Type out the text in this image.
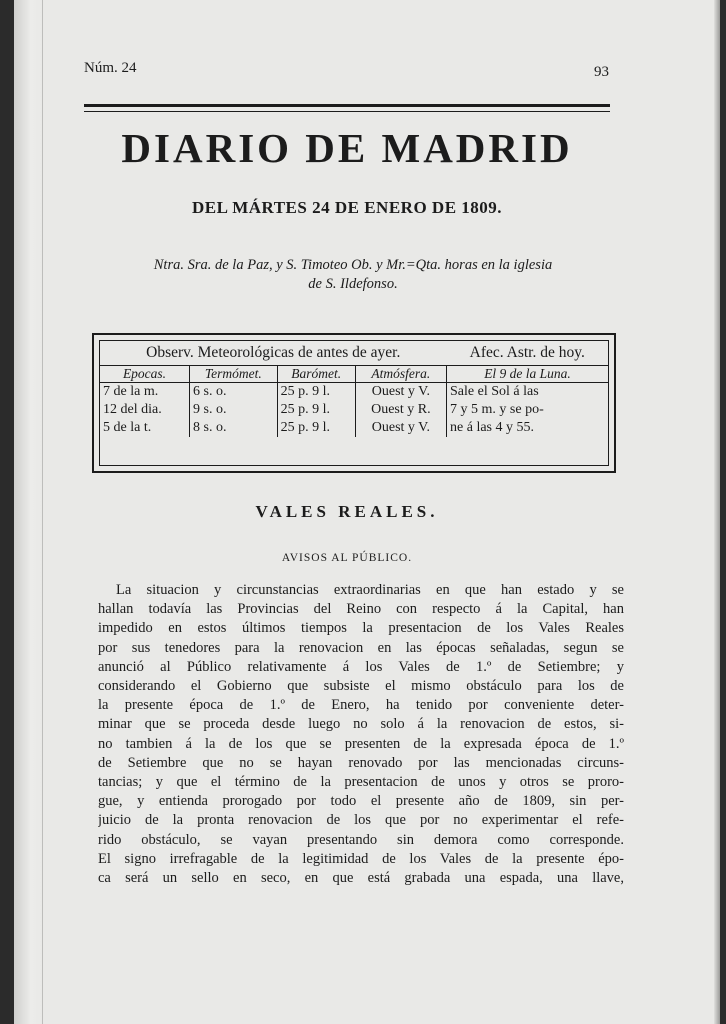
Núm. 24	93
DIARIO DE MADRID
DEL MÁRTES 24 DE ENERO DE 1809.
Ntra. Sra. de la Paz, y S. Timoteo Ob. y Mr.=Qta. horas en la iglesia
de S. Ildefonso.
Observ. Meteorológicas de antes de ayer.				Afec. Astr. de hoy.
Epocas.	Termómet.	Barómet.	Atmósfera.	El 9 de la Luna.
7 de la m.	6 s. o.	25 p. 9 l.	Ouest y V.	Sale el Sol á las
12 del dia.	9 s. o.	25 p. 9 l.	Ouest y R.	7 y 5 m. y se po-
5 de la t.	8 s. o.	25 p. 9 l.	Ouest y V.	ne á las 4 y 55.
VALES REALES.
AVISOS AL PÚBLICO.
La situacion y circunstancias extraordinarias en que han estado y se
hallan todavía las Provincias del Reino con respecto á la Capital, han
impedido en estos últimos tiempos la presentacion de los Vales Reales
por sus tenedores para la renovacion en las épocas señaladas, segun se
anunció al Público relativamente á los Vales de 1.º de Setiembre; y
considerando el Gobierno que subsiste el mismo obstáculo para los de
la presente época de 1.º de Enero, ha tenido por conveniente deter-
minar que se proceda desde luego no solo á la renovacion de estos, si-
no tambien á la de los que se presenten de la expresada época de 1.º
de Setiembre que no se hayan renovado por las mencionadas circuns-
tancias; y que el término de la presentacion de unos y otros se proro-
gue, y entienda prorogado por todo el presente año de 1809, sin per-
juicio de la pronta renovacion de los que por no experimentar el refe-
rido obstáculo, se vayan presentando sin demora como corresponde.
El signo irrefragable de la legitimidad de los Vales de la presente épo-
ca será un sello en seco, en que está grabada una espada, una llave,
